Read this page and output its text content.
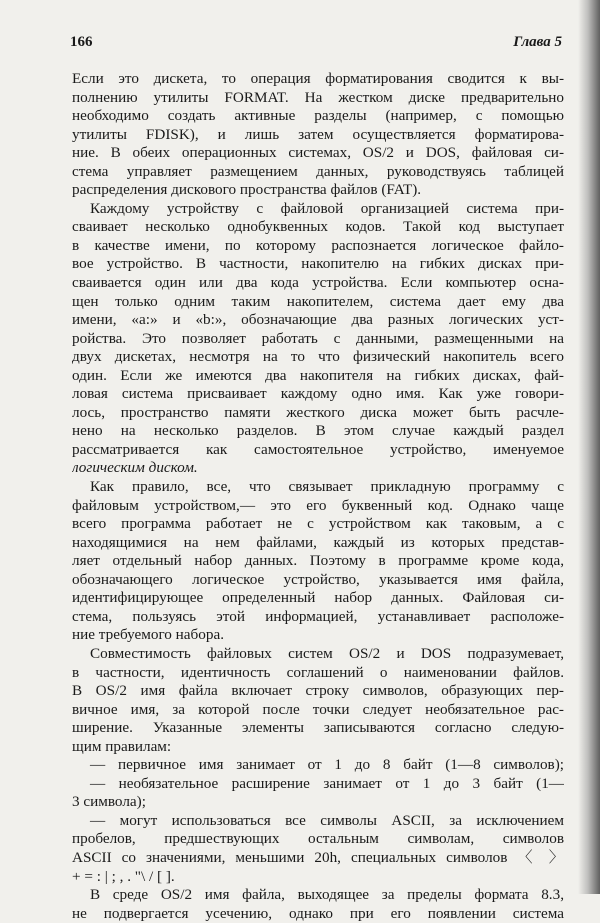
166	Глава 5
Если это дискета, то операция форматирования сводится к вы-
полнению утилиты FORMAT. На жестком диске предварительно
необходимо создать активные разделы (например, с помощью
утилиты FDISK), и лишь затем осуществляется форматирова-
ние. В обеих операционных системах, OS/2 и DOS, файловая си-
стема управляет размещением данных, руководствуясь таблицей
распределения дискового пространства файлов (FAT).
Каждому устройству с файловой организацией система при-
сваивает несколько однобуквенных кодов. Такой код выступает
в качестве имени, по которому распознается логическое файло-
вое устройство. В частности, накопителю на гибких дисках при-
сваивается один или два кода устройства. Если компьютер осна-
щен только одним таким накопителем, система дает ему два
имени, «а:» и «b:», обозначающие два разных логических уст-
ройства. Это позволяет работать с данными, размещенными на
двух дискетах, несмотря на то что физический накопитель всего
один. Если же имеются два накопителя на гибких дисках, фай-
ловая система присваивает каждому одно имя. Как уже говори-
лось, пространство памяти жесткого диска может быть расчле-
нено на несколько разделов. В этом случае каждый раздел
рассматривается как самостоятельное устройство, именуемое
логическим диском.
Как правило, все, что связывает прикладную программу с
файловым устройством,— это его буквенный код. Однако чаще
всего программа работает не с устройством как таковым, а с
находящимися на нем файлами, каждый из которых представ-
ляет отдельный набор данных. Поэтому в программе кроме кода,
обозначающего логическое устройство, указывается имя файла,
идентифицирующее определенный набор данных. Файловая си-
стема, пользуясь этой информацией, устанавливает расположе-
ние требуемого набора.
Совместимость файловых систем OS/2 и DOS подразумевает,
в частности, идентичность соглашений о наименовании файлов.
В OS/2 имя файла включает строку символов, образующих пер-
вичное имя, за которой после точки следует необязательное рас-
ширение. Указанные элементы записываются согласно следую-
щим правилам:
— первичное имя занимает от 1 до 8 байт (1—8 символов);
— необязательное расширение занимает от 1 до 3 байт (1—
3 символа);
— могут использоваться все символы ASCII, за исключением
пробелов, предшествующих остальным символам, символов
ASCII со значениями, меньшими 20h, специальных символов 〈 〉
+ = : | ; , . "\ / [ ].
В среде OS/2 имя файла, выходящее за пределы формата 8.3,
не подвергается усечению, однако при его появлении система
